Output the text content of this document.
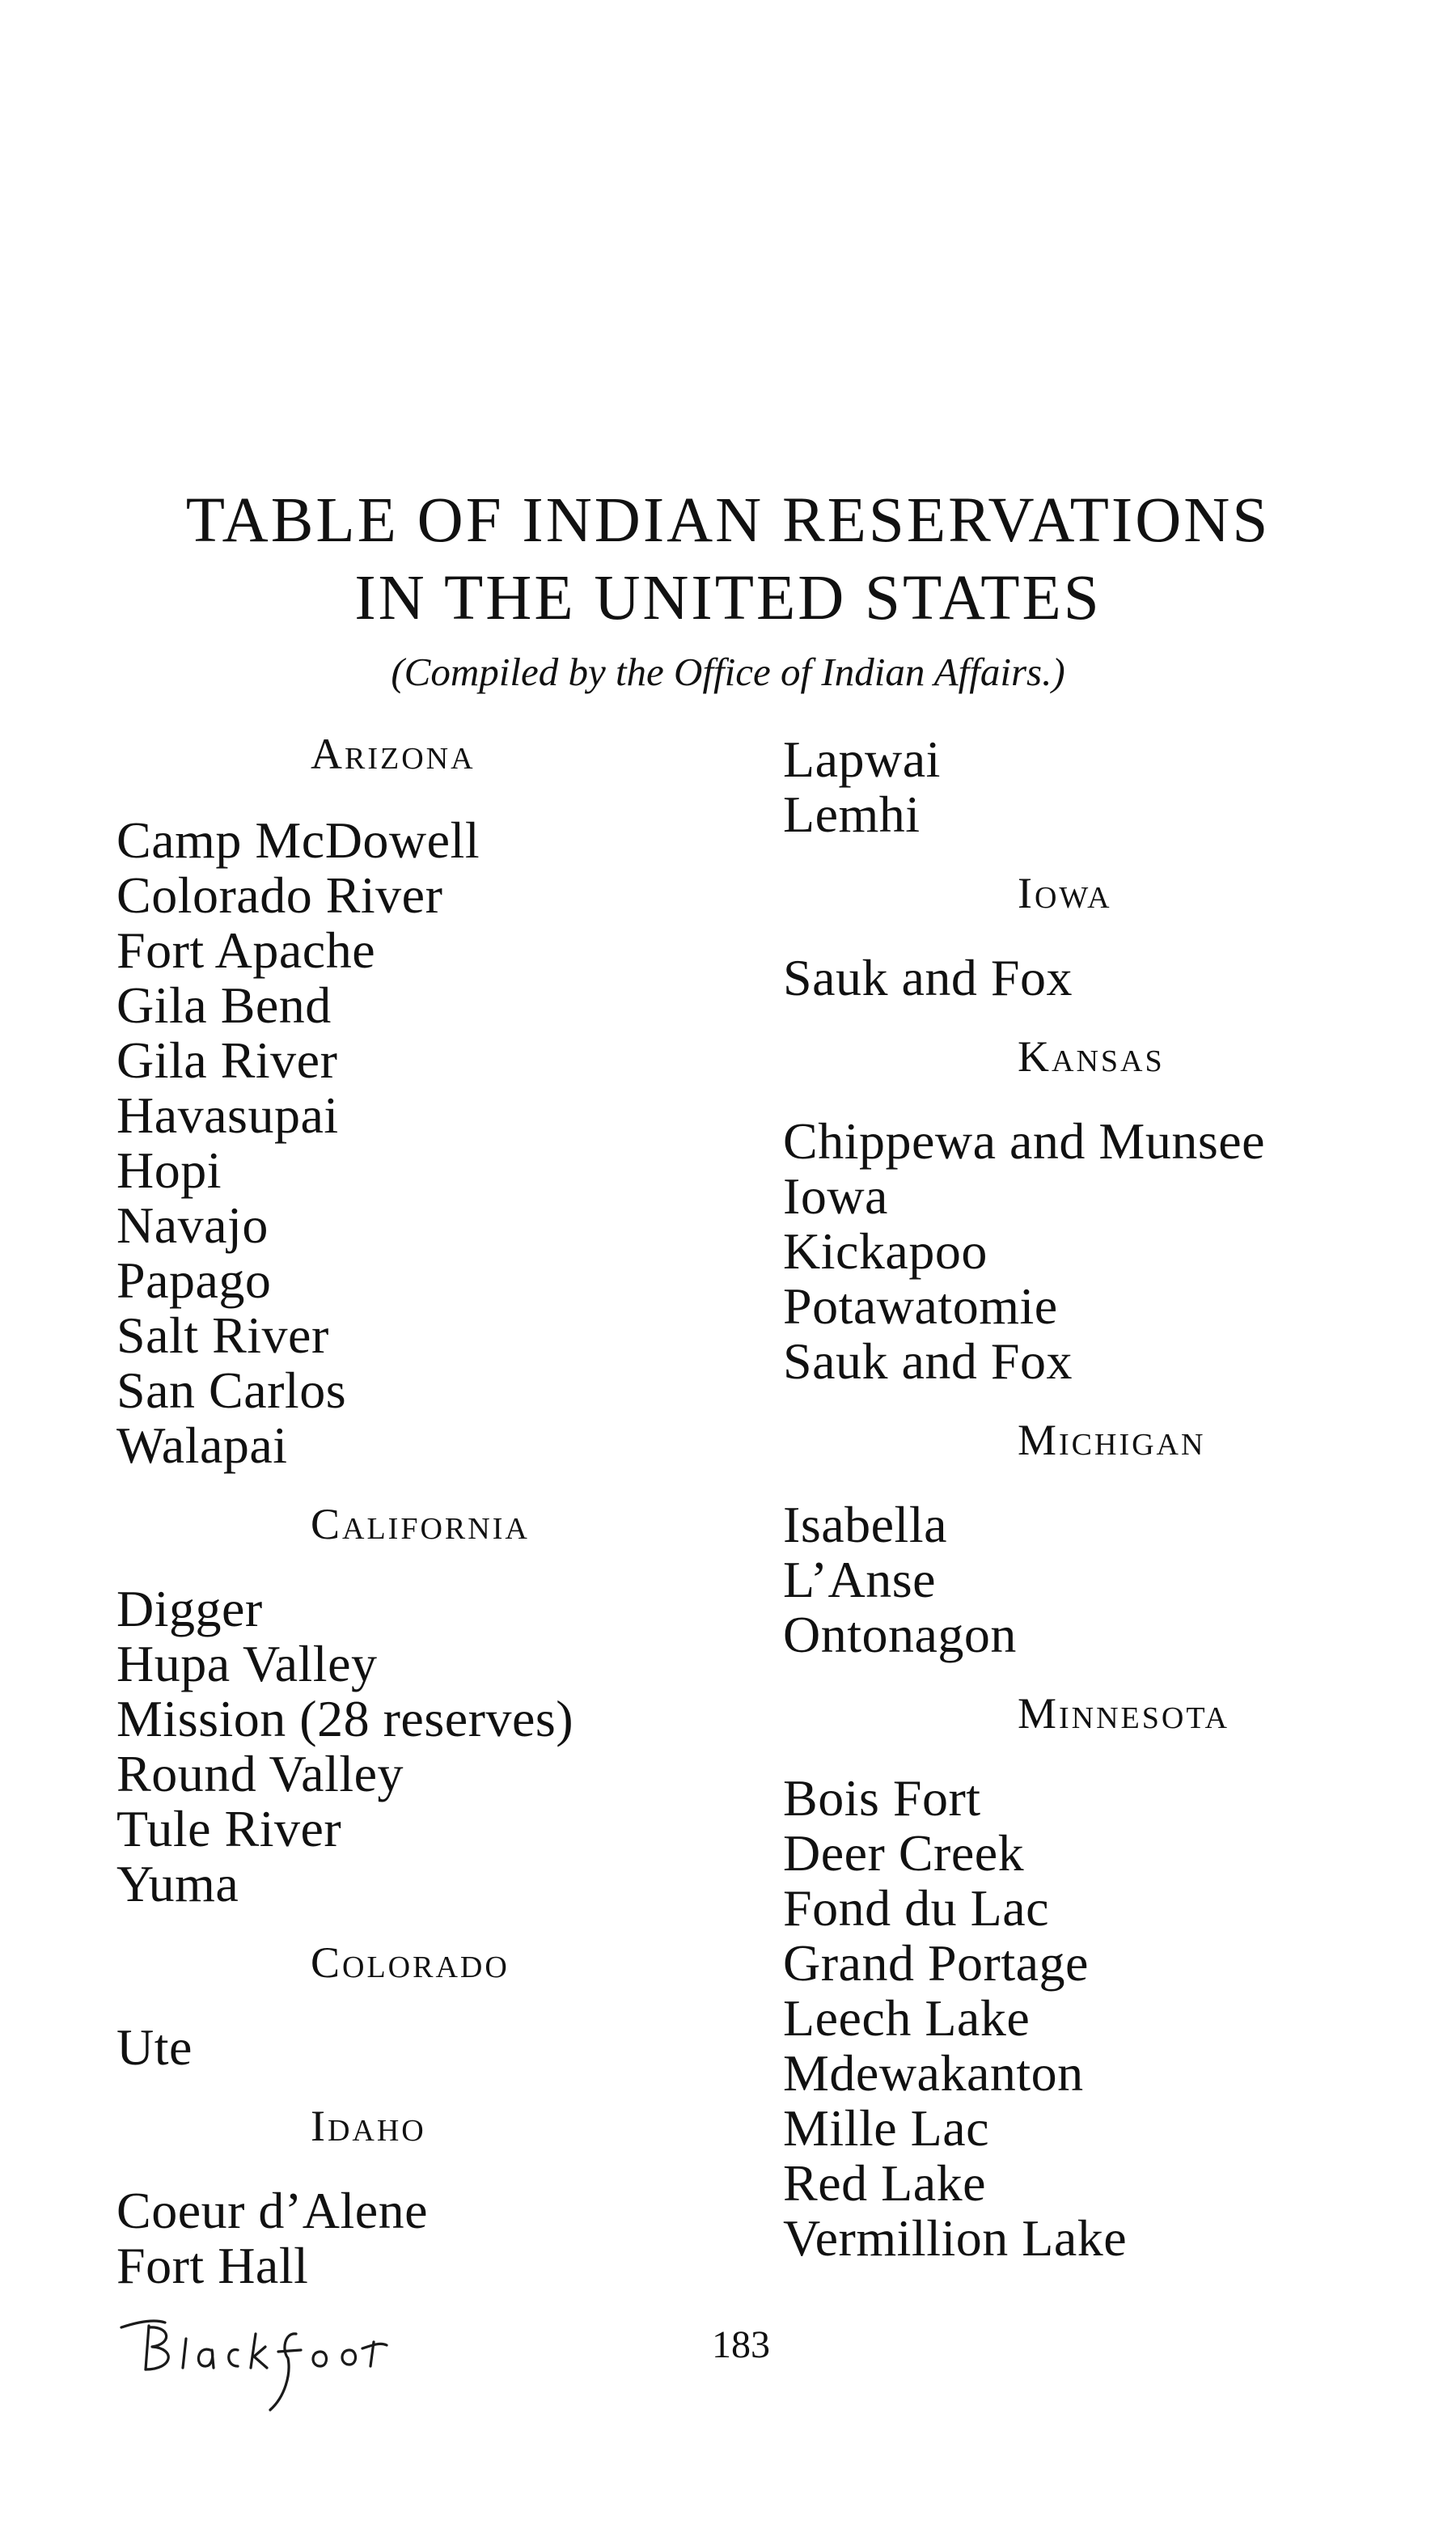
TABLE OF INDIAN RESERVATIONS
IN THE UNITED STATES
(Compiled by the Office of Indian Affairs.)
Arizona
Camp McDowell
Colorado River
Fort Apache
Gila Bend
Gila River
Havasupai
Hopi
Navajo
Papago
Salt River
San Carlos
Walapai
California
Digger
Hupa Valley
Mission (28 reserves)
Round Valley
Tule River
Yuma
Colorado
Ute
Idaho
Coeur d’Alene
Fort Hall
Lapwai
Lemhi
Iowa
Sauk and Fox
Kansas
Chippewa and Munsee
Iowa
Kickapoo
Potawatomie
Sauk and Fox
Michigan
Isabella
L’Anse
Ontonagon
Minnesota
Bois Fort
Deer Creek
Fond du Lac
Grand Portage
Leech Lake
Mdewakanton
Mille Lac
Red Lake
Vermillion Lake
Blackfoot
183
